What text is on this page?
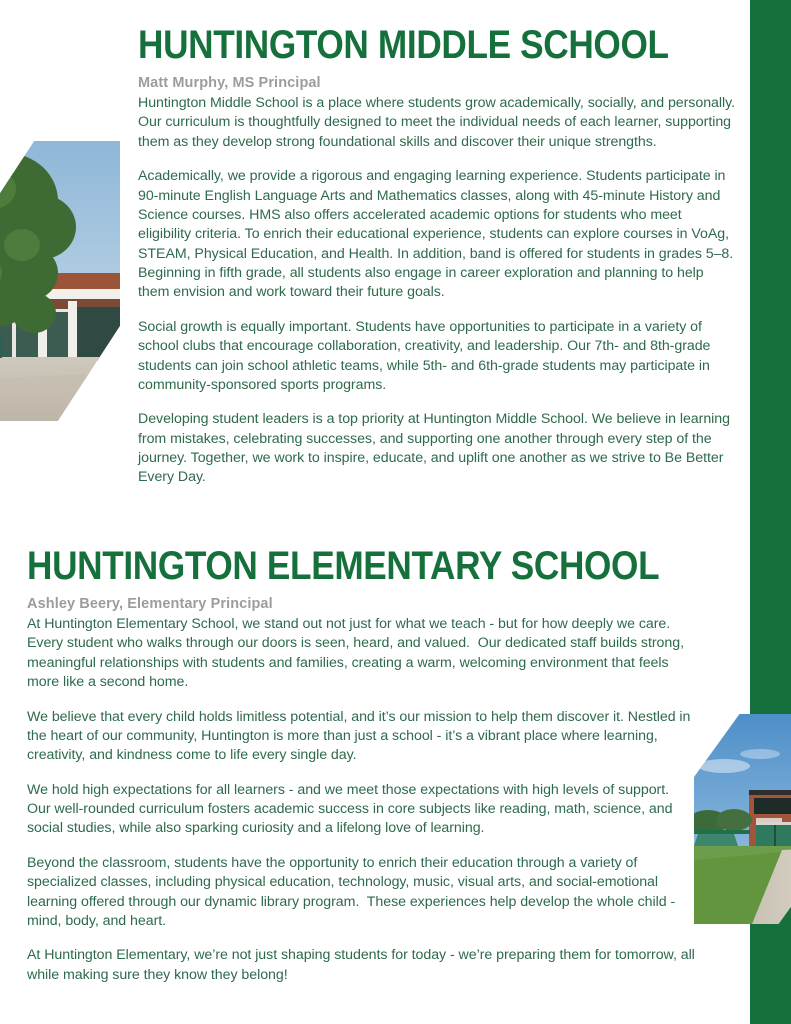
HUNTINGTON MIDDLE SCHOOL
Matt Murphy, MS Principal

Huntington Middle School is a place where students grow academically, socially, and personally. Our curriculum is thoughtfully designed to meet the individual needs of each learner, supporting them as they develop strong foundational skills and discover their unique strengths.

Academically, we provide a rigorous and engaging learning experience. Students participate in 90-minute English Language Arts and Mathematics classes, along with 45-minute History and Science courses. HMS also offers accelerated academic options for students who meet eligibility criteria. To enrich their educational experience, students can explore courses in VoAg, STEAM, Physical Education, and Health. In addition, band is offered for students in grades 5–8. Beginning in fifth grade, all students also engage in career exploration and planning to help them envision and work toward their future goals.

Social growth is equally important. Students have opportunities to participate in a variety of school clubs that encourage collaboration, creativity, and leadership. Our 7th- and 8th-grade students can join school athletic teams, while 5th- and 6th-grade students may participate in community-sponsored sports programs.

Developing student leaders is a top priority at Huntington Middle School. We believe in learning from mistakes, celebrating successes, and supporting one another through every step of the journey. Together, we work to inspire, educate, and uplift one another as we strive to Be Better Every Day.

HUNTINGTON ELEMENTARY SCHOOL
Ashley Beery, Elementary Principal

At Huntington Elementary School, we stand out not just for what we teach - but for how deeply we care.  Every student who walks through our doors is seen, heard, and valued.  Our dedicated staff builds strong, meaningful relationships with students and families, creating a warm, welcoming environment that feels more like a second home.

We believe that every child holds limitless potential, and it’s our mission to help them discover it. Nestled in the heart of our community, Huntington is more than just a school - it’s a vibrant place where learning, creativity, and kindness come to life every single day.

We hold high expectations for all learners - and we meet those expectations with high levels of support.  Our well-rounded curriculum fosters academic success in core subjects like reading, math, science, and social studies, while also sparking curiosity and a lifelong love of learning.

Beyond the classroom, students have the opportunity to enrich their education through a variety of specialized classes, including physical education, technology, music, visual arts, and social-emotional learning offered through our dynamic library program.  These experiences help develop the whole child - mind, body, and heart.

At Huntington Elementary, we’re not just shaping students for today - we’re preparing them for tomorrow, all while making sure they know they belong!
